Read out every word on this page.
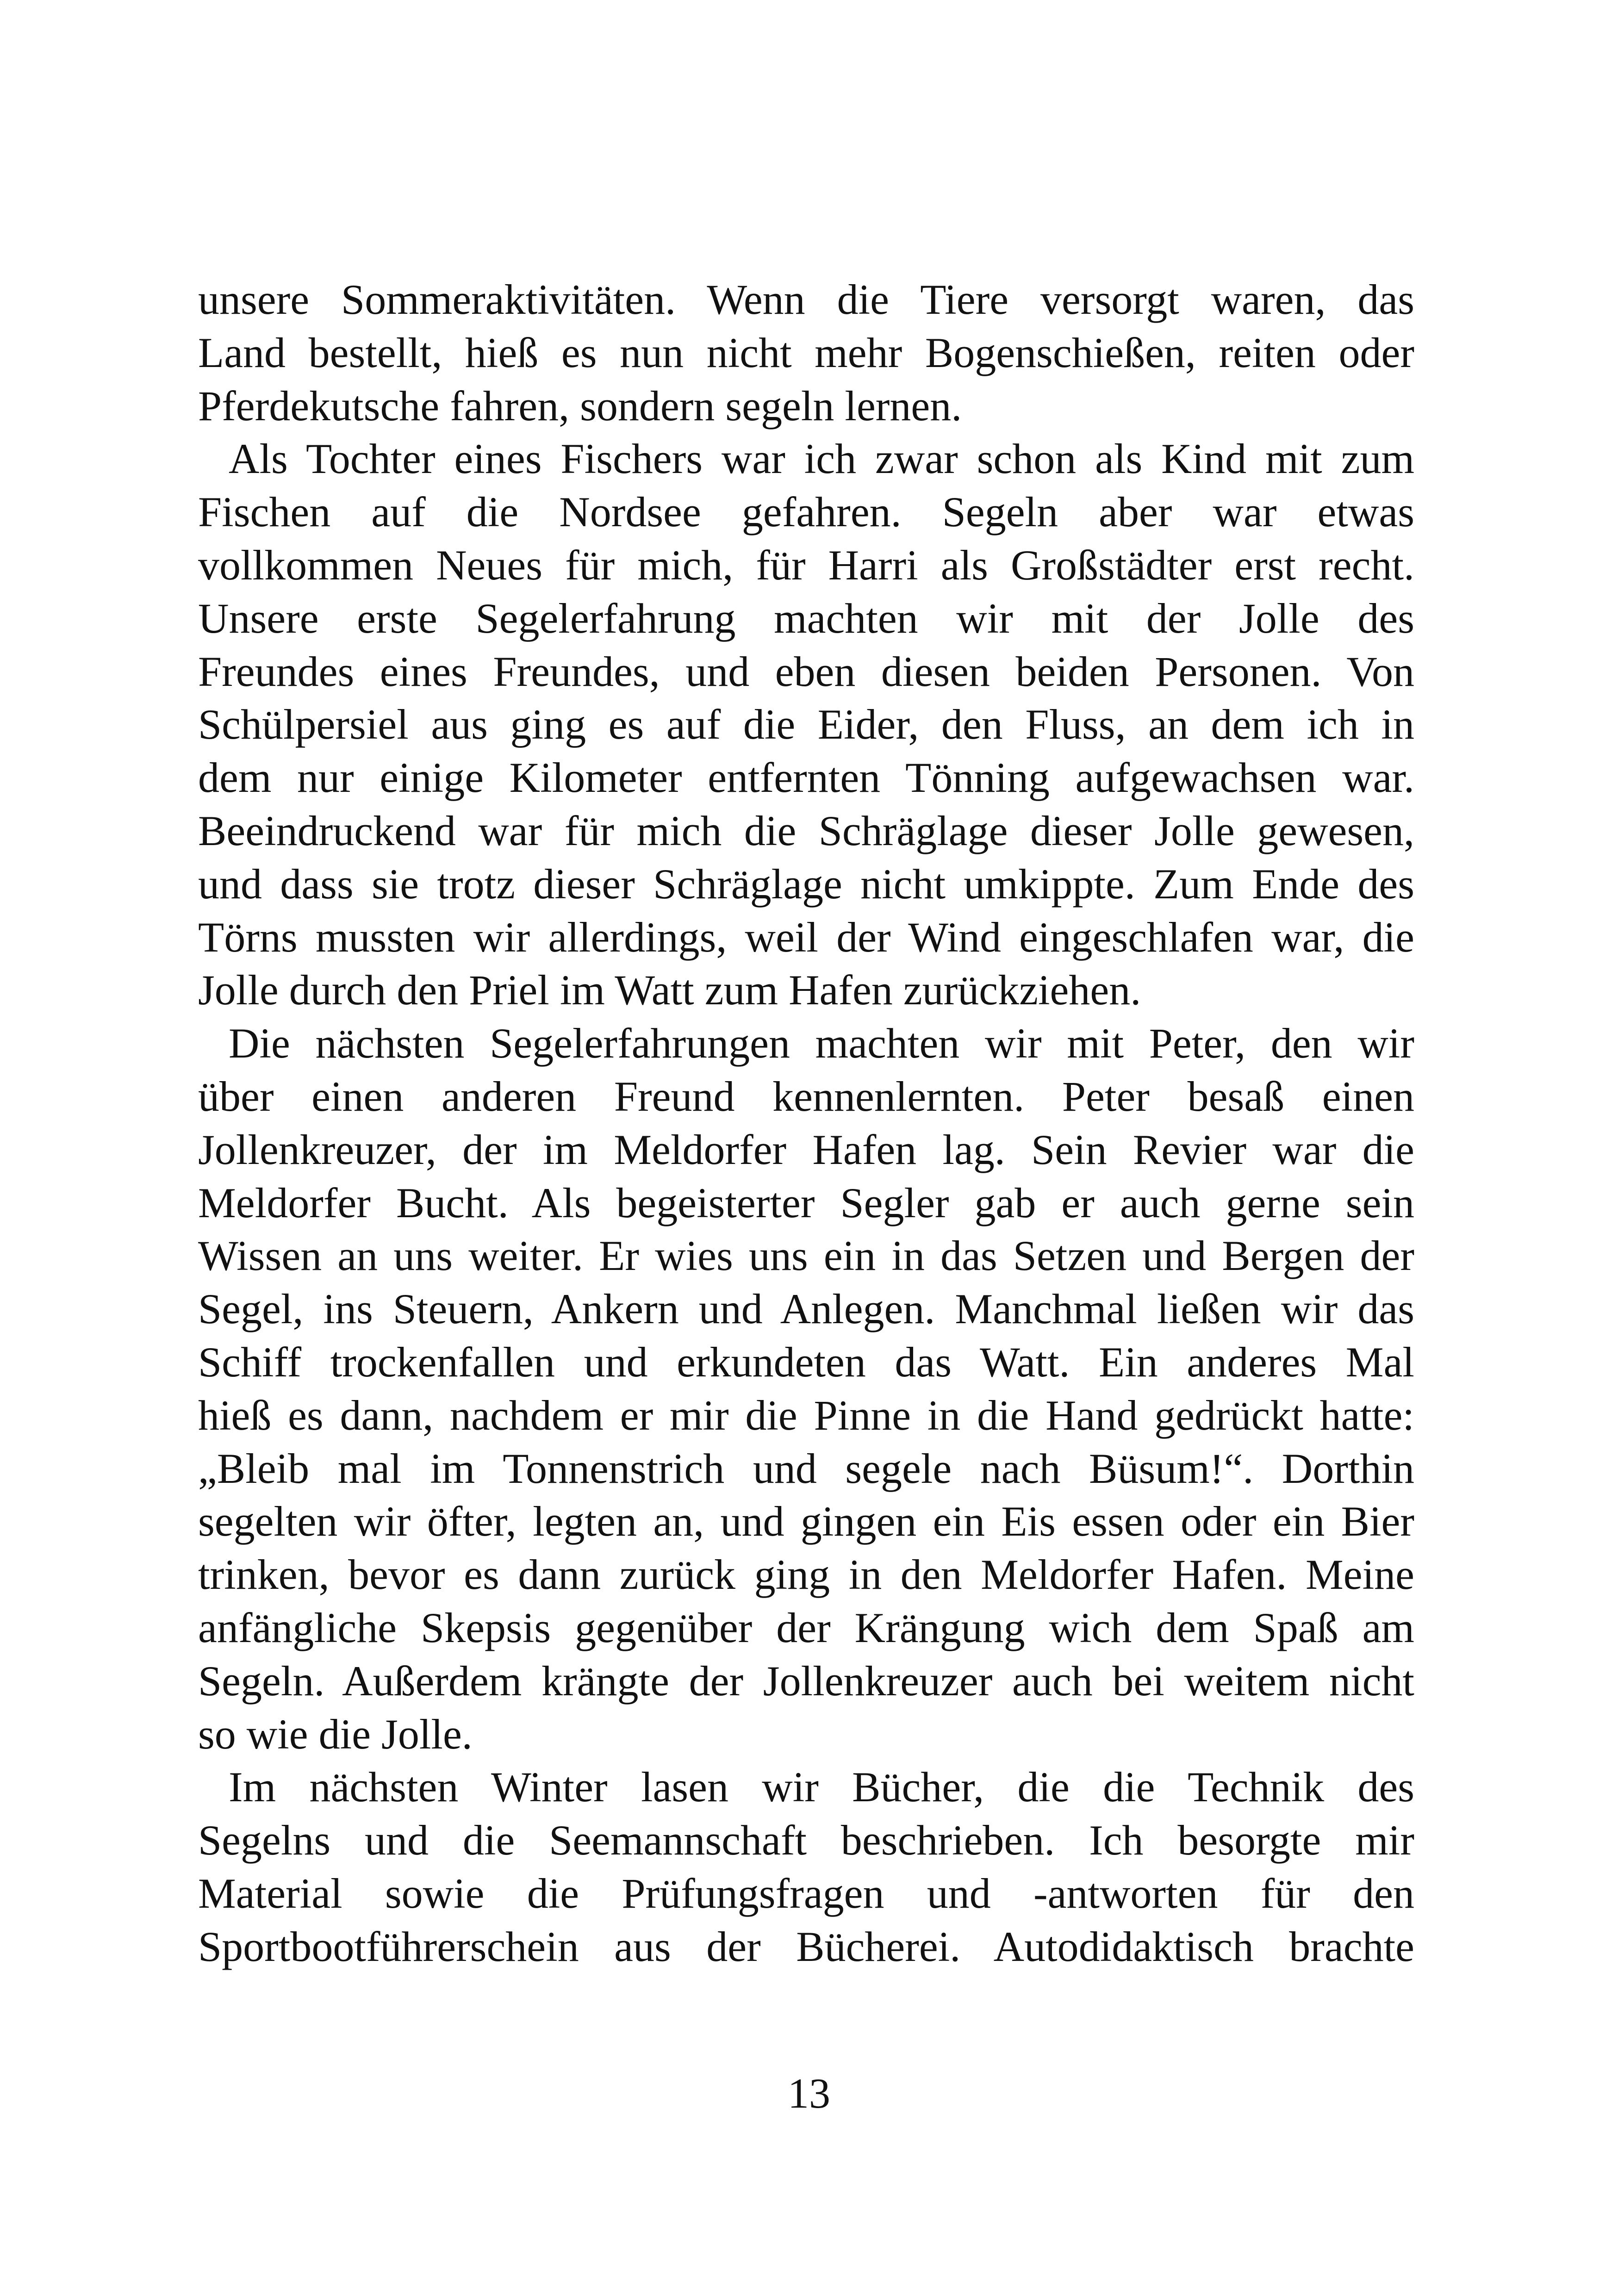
unsere Sommeraktivitäten. Wenn die Tiere versorgt waren, das
Land bestellt, hieß es nun nicht mehr Bogenschießen, reiten oder
Pferdekutsche fahren, sondern segeln lernen.
Als Tochter eines Fischers war ich zwar schon als Kind mit zum
Fischen auf die Nordsee gefahren. Segeln aber war etwas
vollkommen Neues für mich, für Harri als Großstädter erst recht.
Unsere erste Segelerfahrung machten wir mit der Jolle des
Freundes eines Freundes, und eben diesen beiden Personen. Von
Schülpersiel aus ging es auf die Eider, den Fluss, an dem ich in
dem nur einige Kilometer entfernten Tönning aufgewachsen war.
Beeindruckend war für mich die Schräglage dieser Jolle gewesen,
und dass sie trotz dieser Schräglage nicht umkippte. Zum Ende des
Törns mussten wir allerdings, weil der Wind eingeschlafen war, die
Jolle durch den Priel im Watt zum Hafen zurückziehen.
Die nächsten Segelerfahrungen machten wir mit Peter, den wir
über einen anderen Freund kennenlernten. Peter besaß einen
Jollenkreuzer, der im Meldorfer Hafen lag. Sein Revier war die
Meldorfer Bucht. Als begeisterter Segler gab er auch gerne sein
Wissen an uns weiter. Er wies uns ein in das Setzen und Bergen der
Segel, ins Steuern, Ankern und Anlegen. Manchmal ließen wir das
Schiff trockenfallen und erkundeten das Watt. Ein anderes Mal
hieß es dann, nachdem er mir die Pinne in die Hand gedrückt hatte:
„Bleib mal im Tonnenstrich und segele nach Büsum!“. Dorthin
segelten wir öfter, legten an, und gingen ein Eis essen oder ein Bier
trinken, bevor es dann zurück ging in den Meldorfer Hafen. Meine
anfängliche Skepsis gegenüber der Krängung wich dem Spaß am
Segeln. Außerdem krängte der Jollenkreuzer auch bei weitem nicht
so wie die Jolle.
Im nächsten Winter lasen wir Bücher, die die Technik des
Segelns und die Seemannschaft beschrieben. Ich besorgte mir
Material sowie die Prüfungsfragen und -antworten für den
Sportbootführerschein aus der Bücherei. Autodidaktisch brachte
13
